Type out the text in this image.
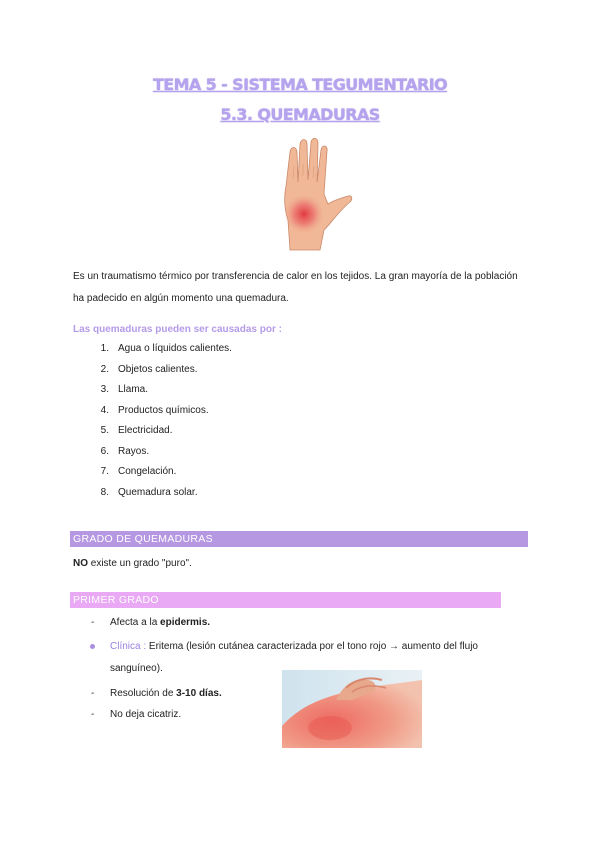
TEMA 5 - SISTEMA TEGUMENTARIO
5.3. QUEMADURAS
Es un traumatismo térmico por transferencia de calor en los tejidos. La gran mayoría de la población
ha padecido en algún momento una quemadura.
Las quemaduras pueden ser causadas por :
1. Agua o líquidos calientes.
2. Objetos calientes.
3. Llama.
4. Productos químicos.
5. Electricidad.
6. Rayos.
7. Congelación.
8. Quemadura solar.
GRADO DE QUEMADURAS
NO existe un grado "puro".
PRIMER GRADO
- Afecta a la epidermis.
Clínica : Eritema (lesión cutánea caracterizada por el tono rojo → aumento del flujo
sanguíneo).
- Resolución de 3-10 días.
- No deja cicatriz.
